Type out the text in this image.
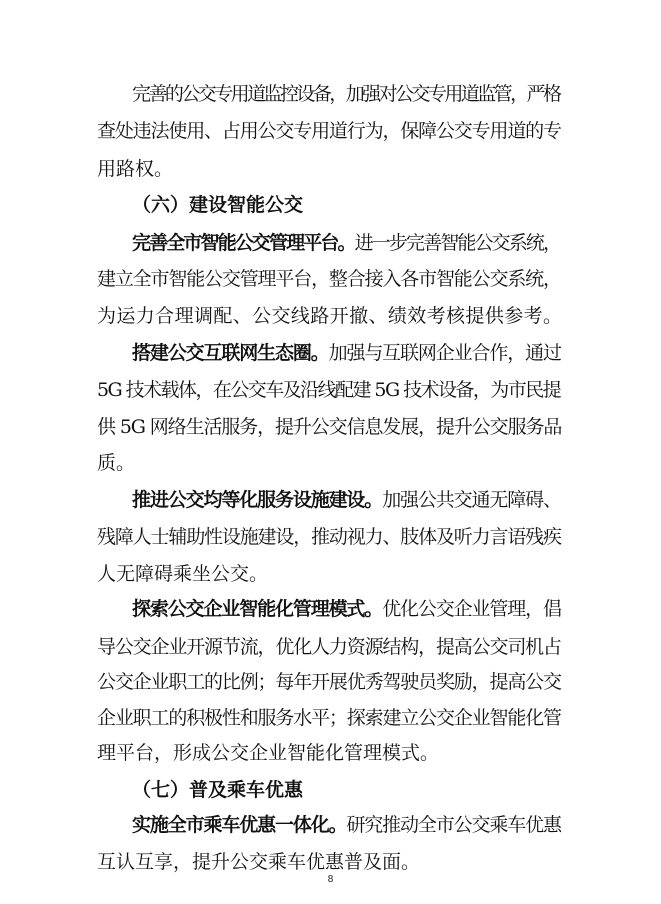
完善的公交专用道监控设备，加强对公交专用道监管，严格
查处违法使用、占用公交专用道行为，保障公交专用道的专
用路权。
（六）建设智能公交
完善全市智能公交管理平台。进一步完善智能公交系统，
建立全市智能公交管理平台，整合接入各市智能公交系统，
为运力合理调配、公交线路开撤、绩效考核提供参考。
搭建公交互联网生态圈。加强与互联网企业合作，通过
5G 技术载体，在公交车及沿线配建 5G 技术设备，为市民提
供 5G 网络生活服务，提升公交信息发展，提升公交服务品
质。
推进公交均等化服务设施建设。加强公共交通无障碍、
残障人士辅助性设施建设，推动视力、肢体及听力言语残疾
人无障碍乘坐公交。
探索公交企业智能化管理模式。优化公交企业管理，倡
导公交企业开源节流，优化人力资源结构，提高公交司机占
公交企业职工的比例；每年开展优秀驾驶员奖励，提高公交
企业职工的积极性和服务水平；探索建立公交企业智能化管
理平台，形成公交企业智能化管理模式。
（七）普及乘车优惠
实施全市乘车优惠一体化。研究推动全市公交乘车优惠
互认互享，提升公交乘车优惠普及面。
8
